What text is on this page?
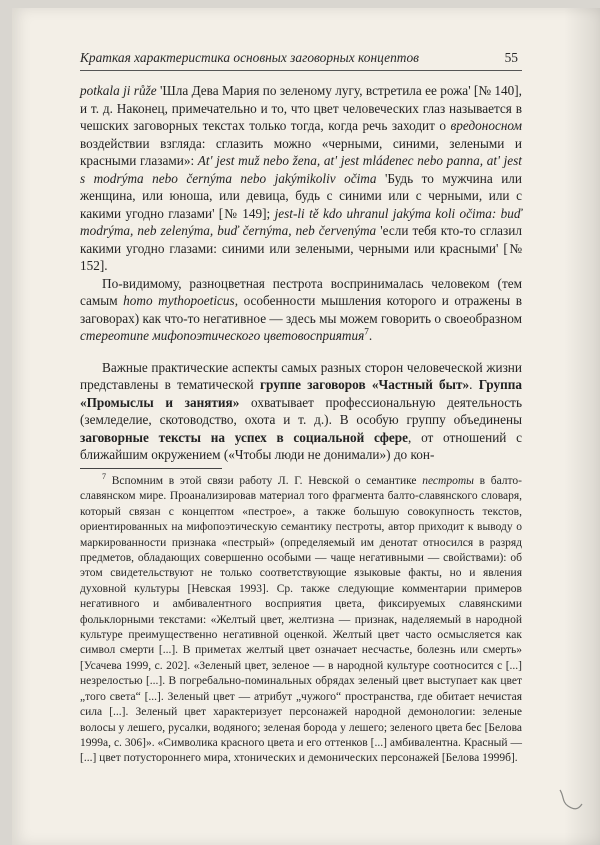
Краткая характеристика основных заговорных концептов	55

potkala ji růže 'Шла Дева Мария по зеленому лугу, встретила ее рожа' [№ 140], и т. д. Наконец, примечательно и то, что цвет человеческих глаз называется в чешских заговорных текстах только тогда, когда речь заходит о вредоносном воздействии взгляда: сглазить можно «черными, синими, зелеными и красными глазами»: At' jest muž nebo žena, at' jest mládenec nebo panna, at' jest s modrýma nebo černýma nebo jakýmikoliv očima 'Будь то мужчина или женщина, или юноша, или девица, будь с синими или с черными, или с какими угодно глазами' [№ 149]; jest-li tě kdo uhranul jakýma koli očima: buď modrýma, neb zelenýma, buď černýma, neb červenýma 'если тебя кто-то сглазил какими угодно глазами: синими или зелеными, черными или красными' [№ 152].

По-видимому, разноцветная пестрота воспринималась человеком (тем самым homo mythopoeticus, особенности мышления которого и отражены в заговорах) как что-то негативное — здесь мы можем говорить о своеобразном стереотипе мифопоэтического цветовосприятия$^7$.

Важные практические аспекты самых разных сторон человеческой жизни представлены в тематической группе заговоров «Частный быт». Группа «Промыслы и занятия» охватывает профессиональную деятельность (земледелие, скотоводство, охота и т. д.). В особую группу объединены заговорные тексты на успех в социальной сфере, от отношений с ближайшим окружением («Чтобы люди не донимали») до кон-

$^7$ Вспомним в этой связи работу Л. Г. Невской о семантике пестроты в балто-славянском мире. Проанализировав материал того фрагмента балто-славянского словаря, который связан с концептом «пестрое», а также большую совокупность текстов, ориентированных на мифопоэтическую семантику пестроты, автор приходит к выводу о маркированности признака «пестрый» (определяемый им денотат относился в разряд предметов, обладающих совершенно особыми — чаще негативными — свойствами): об этом свидетельствуют не только соответствующие языковые факты, но и явления духовной культуры [Невская 1993]. Ср. также следующие комментарии примеров негативного и амбивалентного восприятия цвета, фиксируемых славянскими фольклорными текстами: «Желтый цвет, желтизна — признак, наделяемый в народной культуре преимущественно негативной оценкой. Желтый цвет часто осмысляется как символ смерти [...]. В приметах желтый цвет означает несчастье, болезнь или смерть» [Усачева 1999, с. 202]. «Зеленый цвет, зеленое — в народной культуре соотносится с [...] незрелостью [...]. В погребально-поминальных обрядах зеленый цвет выступает как цвет „того света“ [...]. Зеленый цвет — атрибут „чужого“ пространства, где обитает нечистая сила [...]. Зеленый цвет характеризует персонажей народной демонологии: зеленые волосы у лешего, русалки, водяного; зеленая борода у лешего; зеленого цвета бес [Белова 1999а, с. 306]». «Символика красного цвета и его оттенков [...] амбивалентна. Красный — [...] цвет потустороннего мира, хтонических и демонических персонажей [Белова 1999б].
